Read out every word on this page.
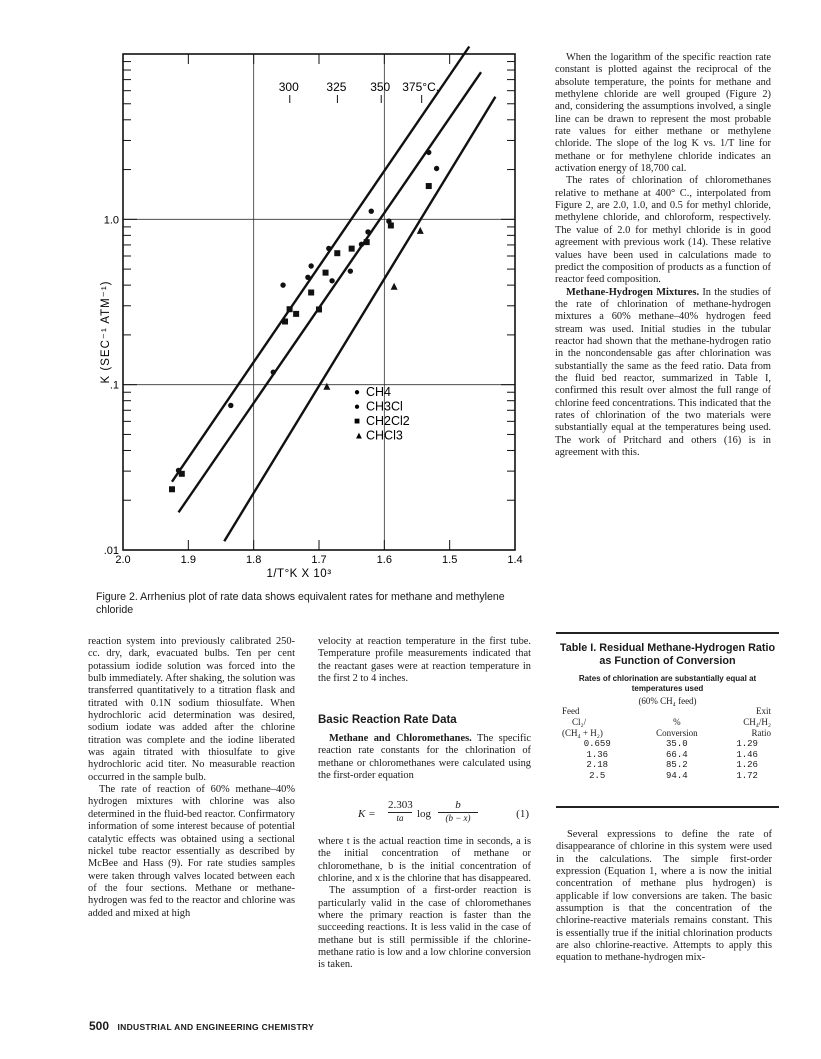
2.0	1.9	1.8	1.7	1.6	1.5	1.4
.01
.1
1.0
1/T°K X 10³
K (SEC⁻¹ ATM⁻¹)
300 325 350 375°C.
● CH4
● CH3Cl
■ CH2Cl2
▲ CHCl3
Figure 2. Arrhenius plot of rate data shows equivalent rates for methane and methylene chloride

When the logarithm of the specific reaction rate constant is plotted against the reciprocal of the absolute temperature, the points for methane and methylene chloride are well grouped (Figure 2) and, considering the assumptions involved, a single line can be drawn to represent the most probable rate values for either methane or methylene chloride. The slope of the log K vs. 1/T line for methane or for methylene chloride indicates an activation energy of 18,700 cal.

The rates of chlorination of chloromethanes relative to methane at 400° C., interpolated from Figure 2, are 2.0, 1.0, and 0.5 for methyl chloride, methylene chloride, and chloroform, respectively. The value of 2.0 for methyl chloride is in good agreement with previous work (14). These relative values have been used in calculations made to predict the composition of products as a function of reactor feed composition.

Methane-Hydrogen Mixtures. In the studies of the rate of chlorination of methane-hydrogen mixtures a 60% methane–40% hydrogen feed stream was used. Initial studies in the tubular reactor had shown that the methane-hydrogen ratio in the noncondensable gas after chlorination was substantially the same as the feed ratio. Data from the fluid bed reactor, summarized in Table I, confirmed this result over almost the full range of chlorine feed concentrations. This indicated that the rates of chlorination of the two materials were substantially equal at the temperatures being used. The work of Pritchard and others (16) is in agreement with this.

reaction system into previously calibrated 250-cc. dry, dark, evacuated bulbs. Ten per cent potassium iodide solution was forced into the bulb immediately. After shaking, the solution was transferred quantitatively to a titration flask and titrated with 0.1N sodium thiosulfate. When hydrochloric acid determination was desired, sodium iodate was added after the chlorine titration was complete and the iodine liberated was again titrated with thiosulfate to give hydrochloric acid titer. No measurable reaction occurred in the sample bulb.

The rate of reaction of 60% methane–40% hydrogen mixtures with chlorine was also determined in the fluid-bed reactor. Confirmatory information of some interest because of potential catalytic effects was obtained using a sectional nickel tube reactor essentially as described by McBee and Hass (9). For rate studies samples were taken through valves located between each of the four sections. Methane or methane-hydrogen was fed to the reactor and chlorine was added and mixed at high

velocity at reaction temperature in the first tube. Temperature profile measurements indicated that the reactant gases were at reaction temperature in the first 2 to 4 inches.

Basic Reaction Rate Data

Methane and Chloromethanes. The specific reaction rate constants for the chlorination of methane or chloromethanes were calculated using the first-order equation

K =
2.303
ta	log
b
(b − x)	(1)

where t is the actual reaction time in seconds, a is the initial concentration of methane or chloromethane, b is the initial concentration of chlorine, and x is the chlorine that has disappeared.

The assumption of a first-order reaction is particularly valid in the case of chloromethanes where the primary reaction is faster than the succeeding reactions. It is less valid in the case of methane but is still permissible if the chlorine-methane ratio is low and a low chlorine conversion is taken.

Table I. Residual Methane-Hydrogen Ratio as Function of Conversion
Rates of chlorination are substantially equal at temperatures used
(60% CH₄ feed)
Feed
Cl₂/
(CH₄ + H₂)	%
Conversion	Exit
CH₄/H₂
Ratio

0.659	35.0	1.29
1.36	66.4	1.46
2.18	85.2	1.26
2.5	94.4	1.72

Several expressions to define the rate of disappearance of chlorine in this system were used in the calculations. The simple first-order expression (Equation 1, where a is now the initial concentration of methane plus hydrogen) is applicable if low conversions are taken. The basic assumption is that the concentration of the chlorine-reactive materials remains constant. This is essentially true if the initial chlorination products are also chlorine-reactive. Attempts to apply this equation to methane-hydrogen mix-

500 INDUSTRIAL AND ENGINEERING CHEMISTRY
